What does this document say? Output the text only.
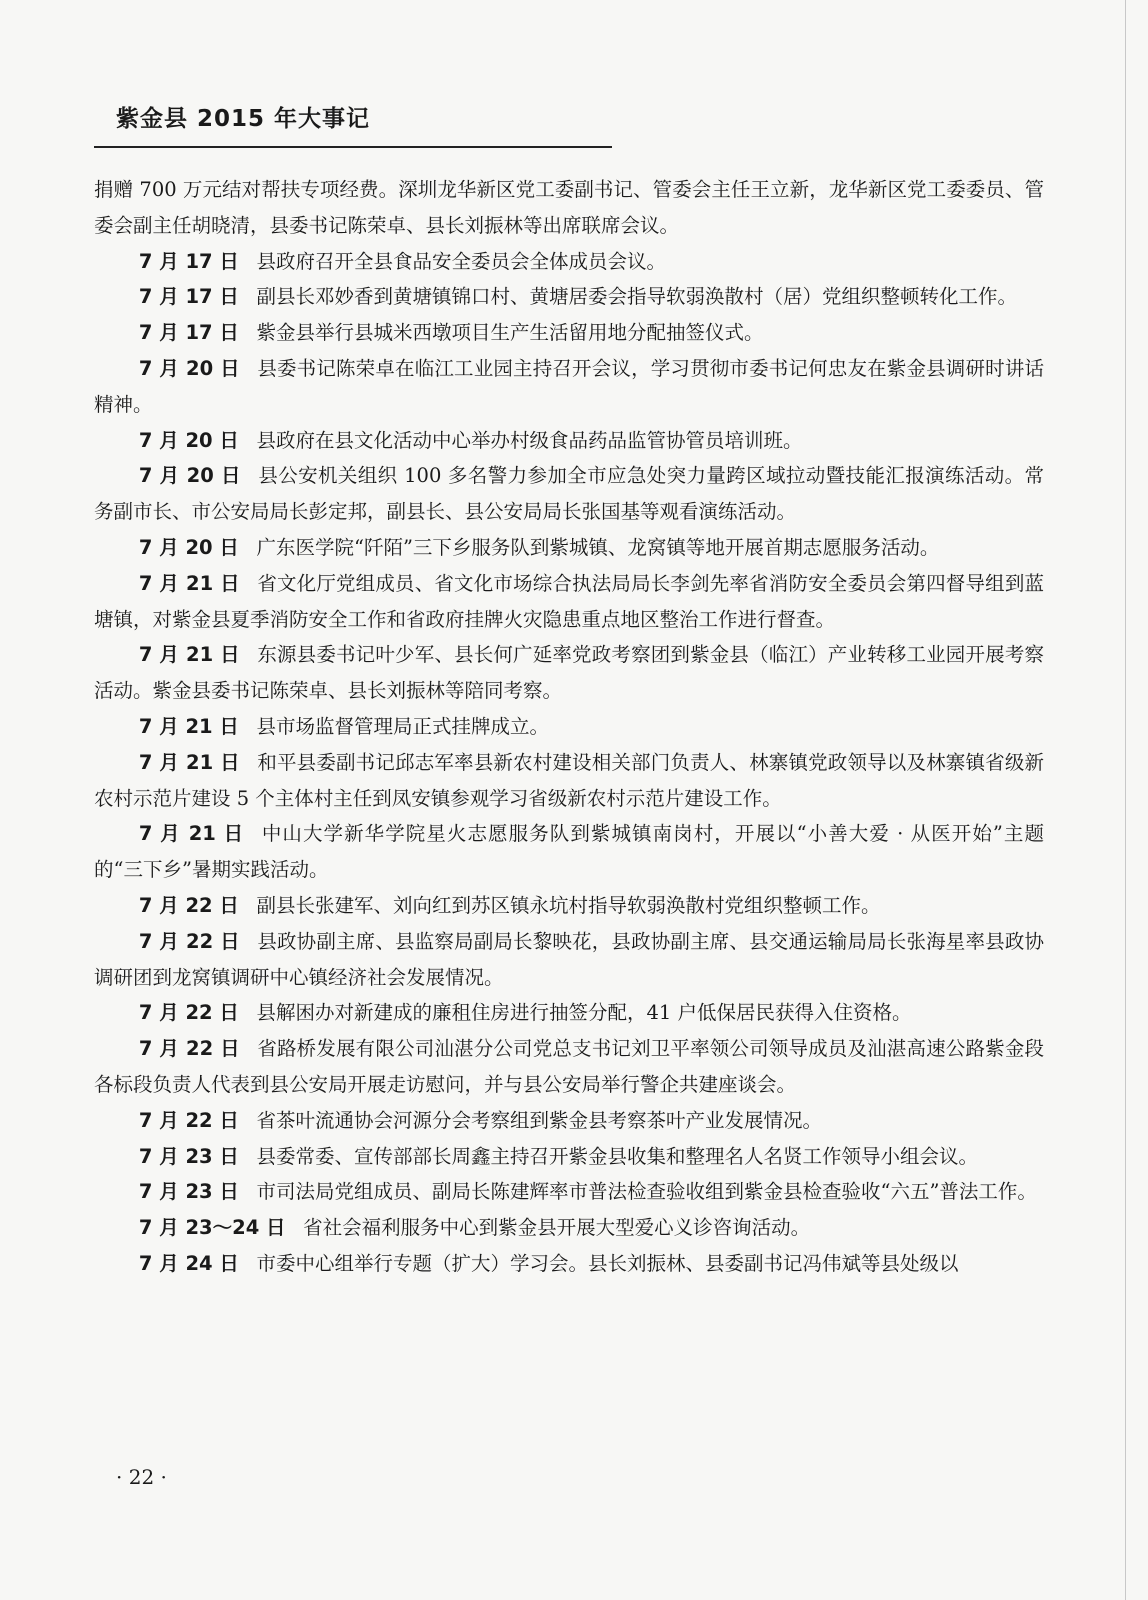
紫金县 2015 年大事记

捐赠 700 万元结对帮扶专项经费。深圳龙华新区党工委副书记、管委会主任王立新，龙华新区党工委委员、管委会副主任胡晓清，县委书记陈荣卓、县长刘振林等出席联席会议。

7 月 17 日 县政府召开全县食品安全委员会全体成员会议。

7 月 17 日 副县长邓妙香到黄塘镇锦口村、黄塘居委会指导软弱涣散村（居）党组织整顿转化工作。

7 月 17 日 紫金县举行县城米西墩项目生产生活留用地分配抽签仪式。

7 月 20 日 县委书记陈荣卓在临江工业园主持召开会议，学习贯彻市委书记何忠友在紫金县调研时讲话精神。

7 月 20 日 县政府在县文化活动中心举办村级食品药品监管协管员培训班。

7 月 20 日 县公安机关组织 100 多名警力参加全市应急处突力量跨区域拉动暨技能汇报演练活动。常务副市长、市公安局局长彭定邦，副县长、县公安局局长张国基等观看演练活动。

7 月 20 日 广东医学院“阡陌”三下乡服务队到紫城镇、龙窝镇等地开展首期志愿服务活动。

7 月 21 日 省文化厅党组成员、省文化市场综合执法局局长李剑先率省消防安全委员会第四督导组到蓝塘镇，对紫金县夏季消防安全工作和省政府挂牌火灾隐患重点地区整治工作进行督查。

7 月 21 日 东源县委书记叶少军、县长何广延率党政考察团到紫金县（临江）产业转移工业园开展考察活动。紫金县委书记陈荣卓、县长刘振林等陪同考察。

7 月 21 日 县市场监督管理局正式挂牌成立。

7 月 21 日 和平县委副书记邱志军率县新农村建设相关部门负责人、林寨镇党政领导以及林寨镇省级新农村示范片建设 5 个主体村主任到凤安镇参观学习省级新农村示范片建设工作。

7 月 21 日 中山大学新华学院星火志愿服务队到紫城镇南岗村，开展以“小善大爱 · 从医开始”主题的“三下乡”暑期实践活动。

7 月 22 日 副县长张建军、刘向红到苏区镇永坑村指导软弱涣散村党组织整顿工作。

7 月 22 日 县政协副主席、县监察局副局长黎映花，县政协副主席、县交通运输局局长张海星率县政协调研团到龙窝镇调研中心镇经济社会发展情况。

7 月 22 日 县解困办对新建成的廉租住房进行抽签分配，41 户低保居民获得入住资格。

7 月 22 日 省路桥发展有限公司汕湛分公司党总支书记刘卫平率领公司领导成员及汕湛高速公路紫金段各标段负责人代表到县公安局开展走访慰问，并与县公安局举行警企共建座谈会。

7 月 22 日 省茶叶流通协会河源分会考察组到紫金县考察茶叶产业发展情况。

7 月 23 日 县委常委、宣传部部长周鑫主持召开紫金县收集和整理名人名贤工作领导小组会议。

7 月 23 日 市司法局党组成员、副局长陈建辉率市普法检查验收组到紫金县检查验收“六五”普法工作。

7 月 23～24 日 省社会福利服务中心到紫金县开展大型爱心义诊咨询活动。

7 月 24 日 市委中心组举行专题（扩大）学习会。县长刘振林、县委副书记冯伟斌等县处级以

· 22 ·
